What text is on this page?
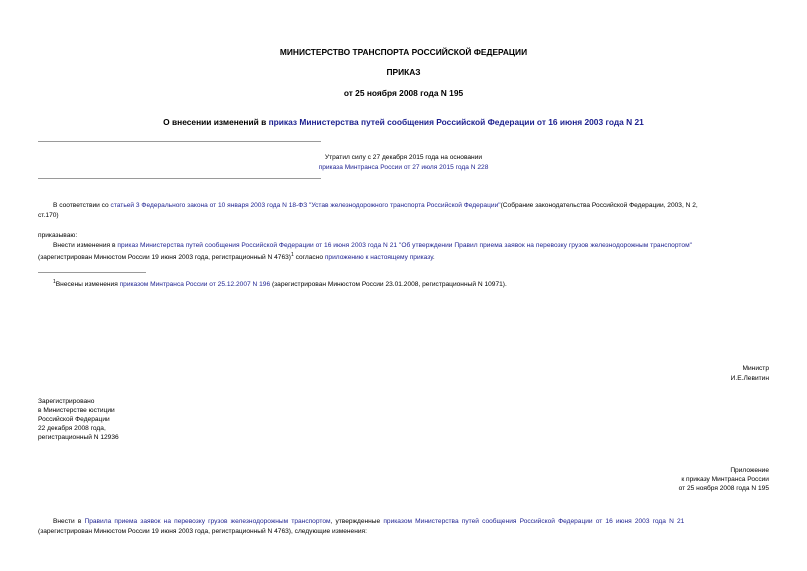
МИНИСТЕРСТВО ТРАНСПОРТА РОССИЙСКОЙ ФЕДЕРАЦИИ
ПРИКАЗ
от 25 ноября 2008 года N 195
О внесении изменений в приказ Министерства путей сообщения Российской Федерации от 16 июня 2003 года N 21
Утратил силу с 27 декабря 2015 года на основании
приказа Минтранса России от 27 июля 2015 года N 228
В соответствии со статьей 3 Федерального закона от 10 января 2003 года N 18-ФЗ "Устав железнодорожного транспорта Российской Федерации"(Собрание законодательства Российской Федерации, 2003, N 2,
ст.170)
приказываю:
Внести изменения в приказ Министерства путей сообщения Российской Федерации от 16 июня 2003 года N 21 "Об утверждении Правил приема заявок на перевозку грузов железнодорожным транспортом"
(зарегистрирован Минюстом России 19 июня 2003 года, регистрационный N 4763)$^1$ согласно приложению к настоящему приказу.
$^1$Внесены изменения приказом Минтранса России от 25.12.2007 N 196 (зарегистрирован Минюстом России 23.01.2008, регистрационный N 10971).
Министр
И.Е.Левитин
Зарегистрировано
в Министерстве юстиции
Российской Федерации
22 декабря 2008 года,
регистрационный N 12936
Приложение
к приказу Минтранса России
от 25 ноября 2008 года N 195
Внести в Правила приема заявок на перевозку грузов железнодорожным транспортом, утвержденные приказом Министерства путей сообщения Российской Федерации от 16 июня 2003 года N 21
(зарегистрирован Минюстом России 19 июня 2003 года, регистрационный N 4763), следующие изменения:
